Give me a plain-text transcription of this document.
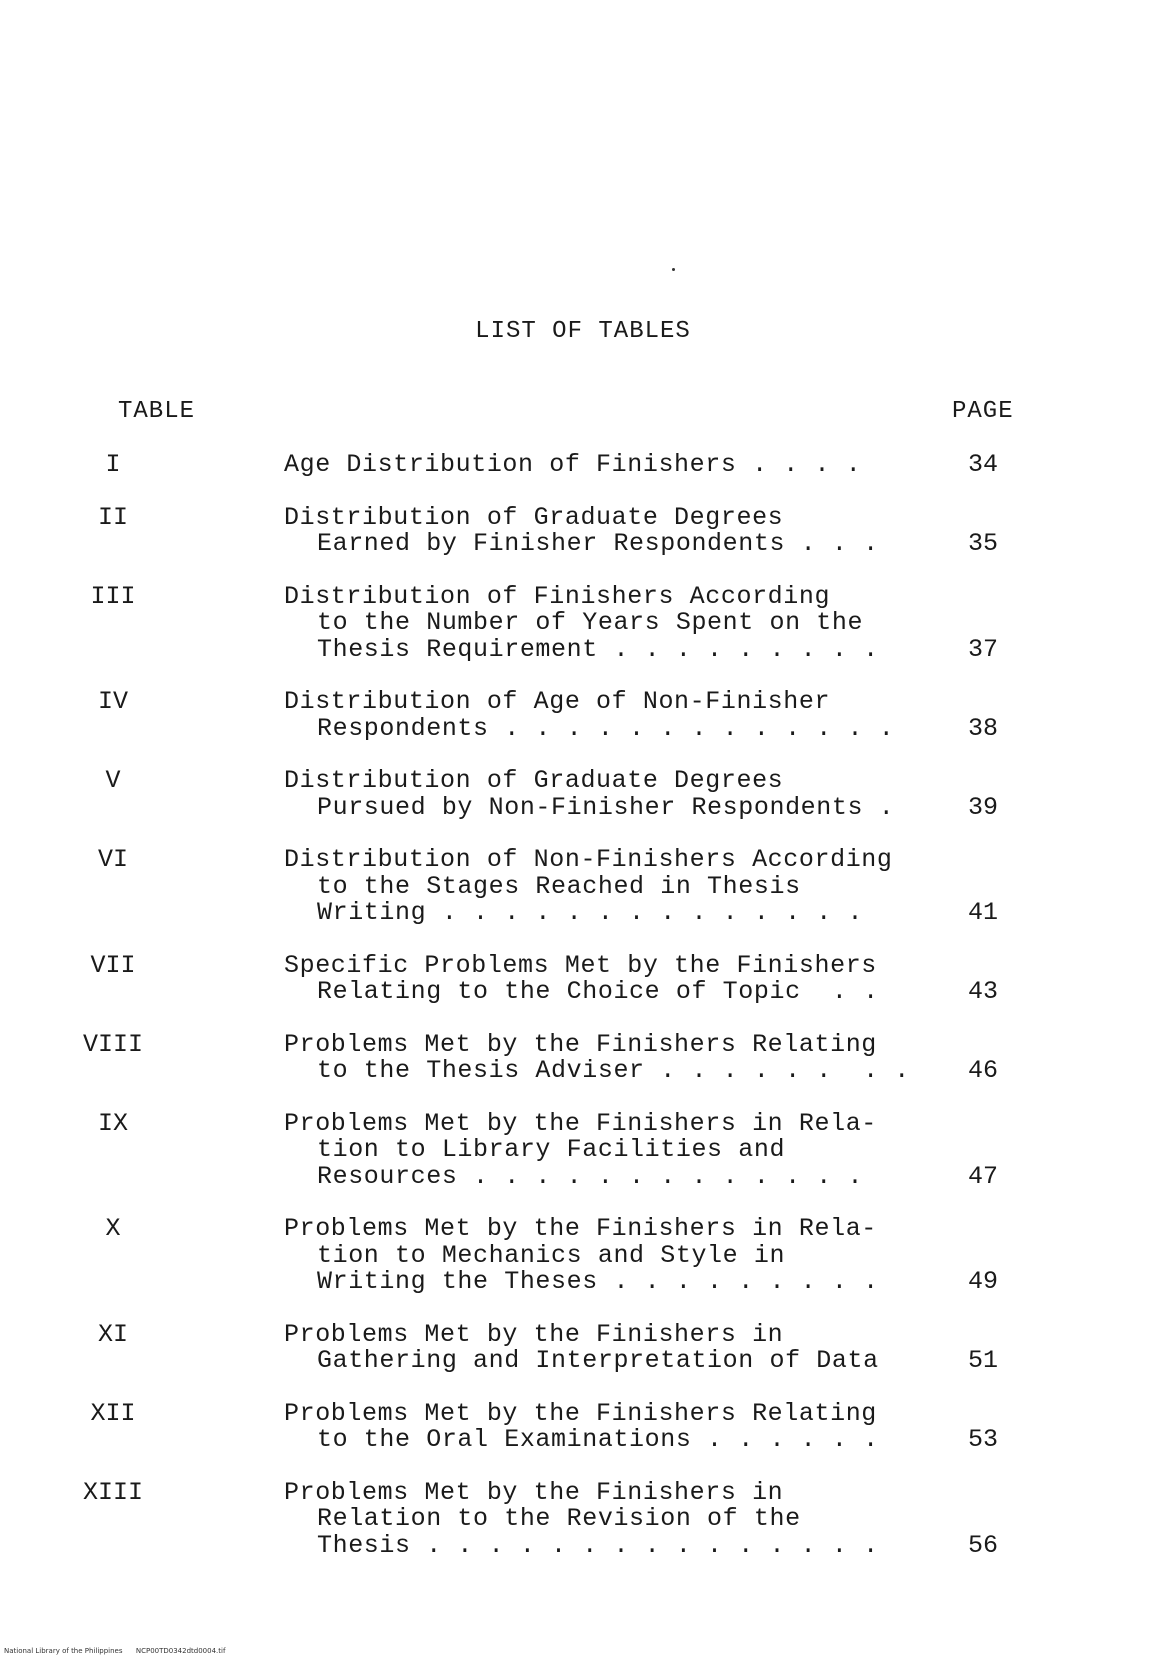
LIST OF TABLES
TABLE	PAGE
I	Age Distribution of Finishers . . . .	34
II	Distribution of Graduate Degrees
Earned by Finisher Respondents . . .	35
III	Distribution of Finishers According
to the Number of Years Spent on the
Thesis Requirement . . . . . . . . .	37
IV	Distribution of Age of Non-Finisher
Respondents . . . . . . . . . . . . .	38
V	Distribution of Graduate Degrees
Pursued by Non-Finisher Respondents .	39
VI	Distribution of Non-Finishers According
to the Stages Reached in Thesis
Writing . . . . . . . . . . . . . .	41
VII	Specific Problems Met by the Finishers
Relating to the Choice of Topic  . .	43
VIII	Problems Met by the Finishers Relating
to the Thesis Adviser . . . . . .  . .	46
IX	Problems Met by the Finishers in Rela-
tion to Library Facilities and
Resources . . . . . . . . . . . . .	47
X	Problems Met by the Finishers in Rela-
tion to Mechanics and Style in
Writing the Theses . . . . . . . . .	49
XI	Problems Met by the Finishers in
Gathering and Interpretation of Data	51
XII	Problems Met by the Finishers Relating
to the Oral Examinations . . . . . .	53
XIII	Problems Met by the Finishers in
Relation to the Revision of the
Thesis . . . . . . . . . . . . . . .	56
National Library of the Philippines      NCP00TD0342dtd0004.tif
